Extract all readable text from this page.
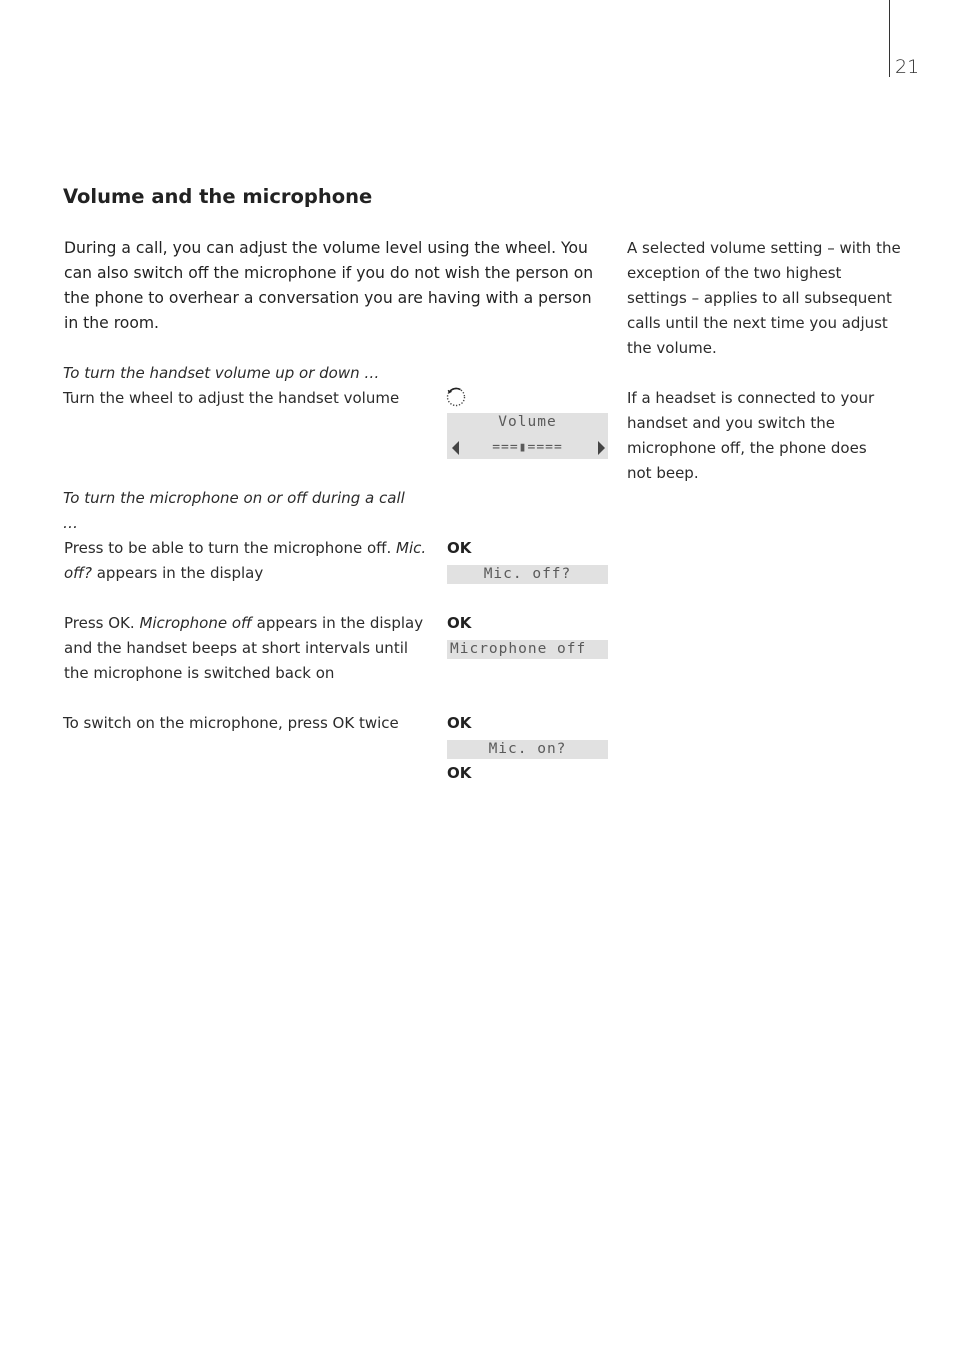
21
Volume and the microphone
During a call, you can adjust the volume level using the wheel. You can also switch off the microphone if you do not wish the person on the phone to overhear a conversation you are having with a person in the room.
To turn the handset volume up or down …
Turn the wheel to adjust the handset volume
Volume
===▮====
To turn the microphone on or off during a call …
Press to be able to turn the microphone off. Mic. off? appears in the display
OK
Mic. off?
Press OK. Microphone off appears in the display and the handset beeps at short intervals until the microphone is switched back on
OK
Microphone off
To switch on the microphone, press OK twice	OK
Mic. on?
OK
A selected volume setting – with the exception of the two highest settings – applies to all subsequent calls until the next time you adjust the volume.
If a headset is connected to your handset and you switch the microphone off, the phone does not beep.
